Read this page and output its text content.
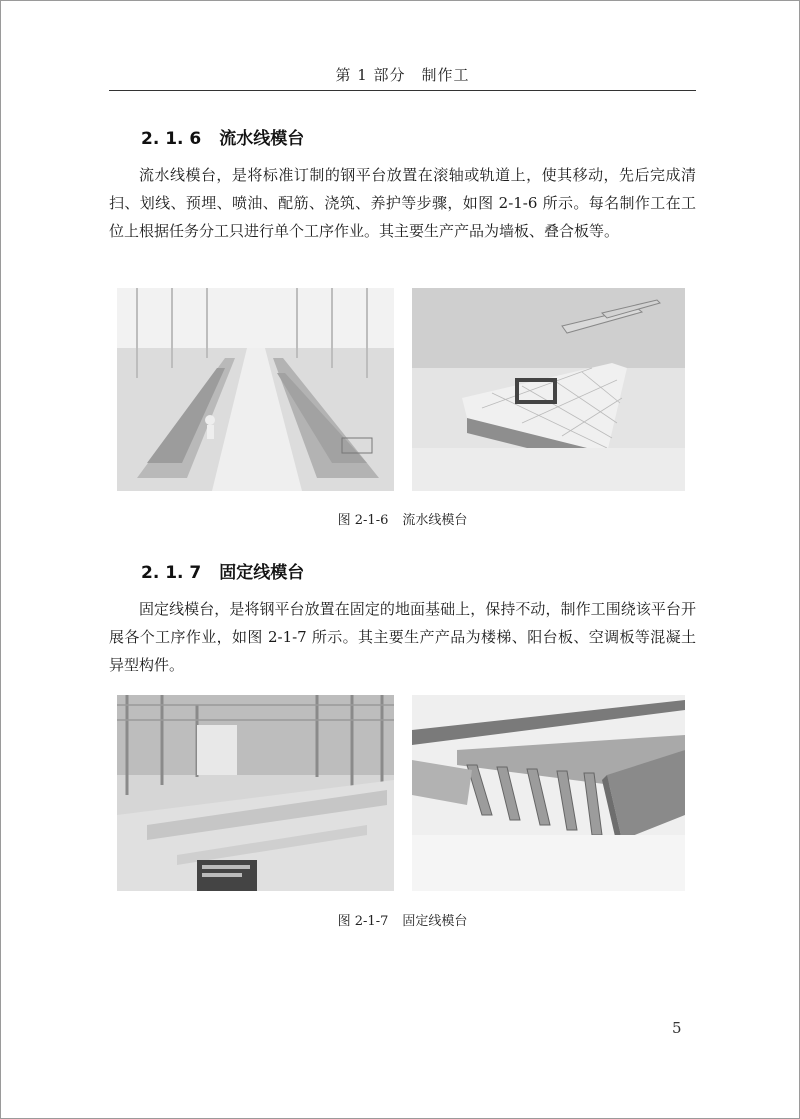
第 1 部分　制作工
2. 1. 6 流水线模台

流水线模台，是将标准订制的钢平台放置在滚轴或轨道上，使其移动，先后完成清扫、划线、预埋、喷油、配筋、浇筑、养护等步骤，如图 2-1-6 所示。每名制作工在工位上根据任务分工只进行单个工序作业。其主要生产产品为墙板、叠合板等。

图 2-1-6 流水线模台
2. 1. 7 固定线模台

固定线模台，是将钢平台放置在固定的地面基础上，保持不动，制作工围绕该平台开展各个工序作业，如图 2-1-7 所示。其主要生产产品为楼梯、阳台板、空调板等混凝土异型构件。

图 2-1-7 固定线模台
5
